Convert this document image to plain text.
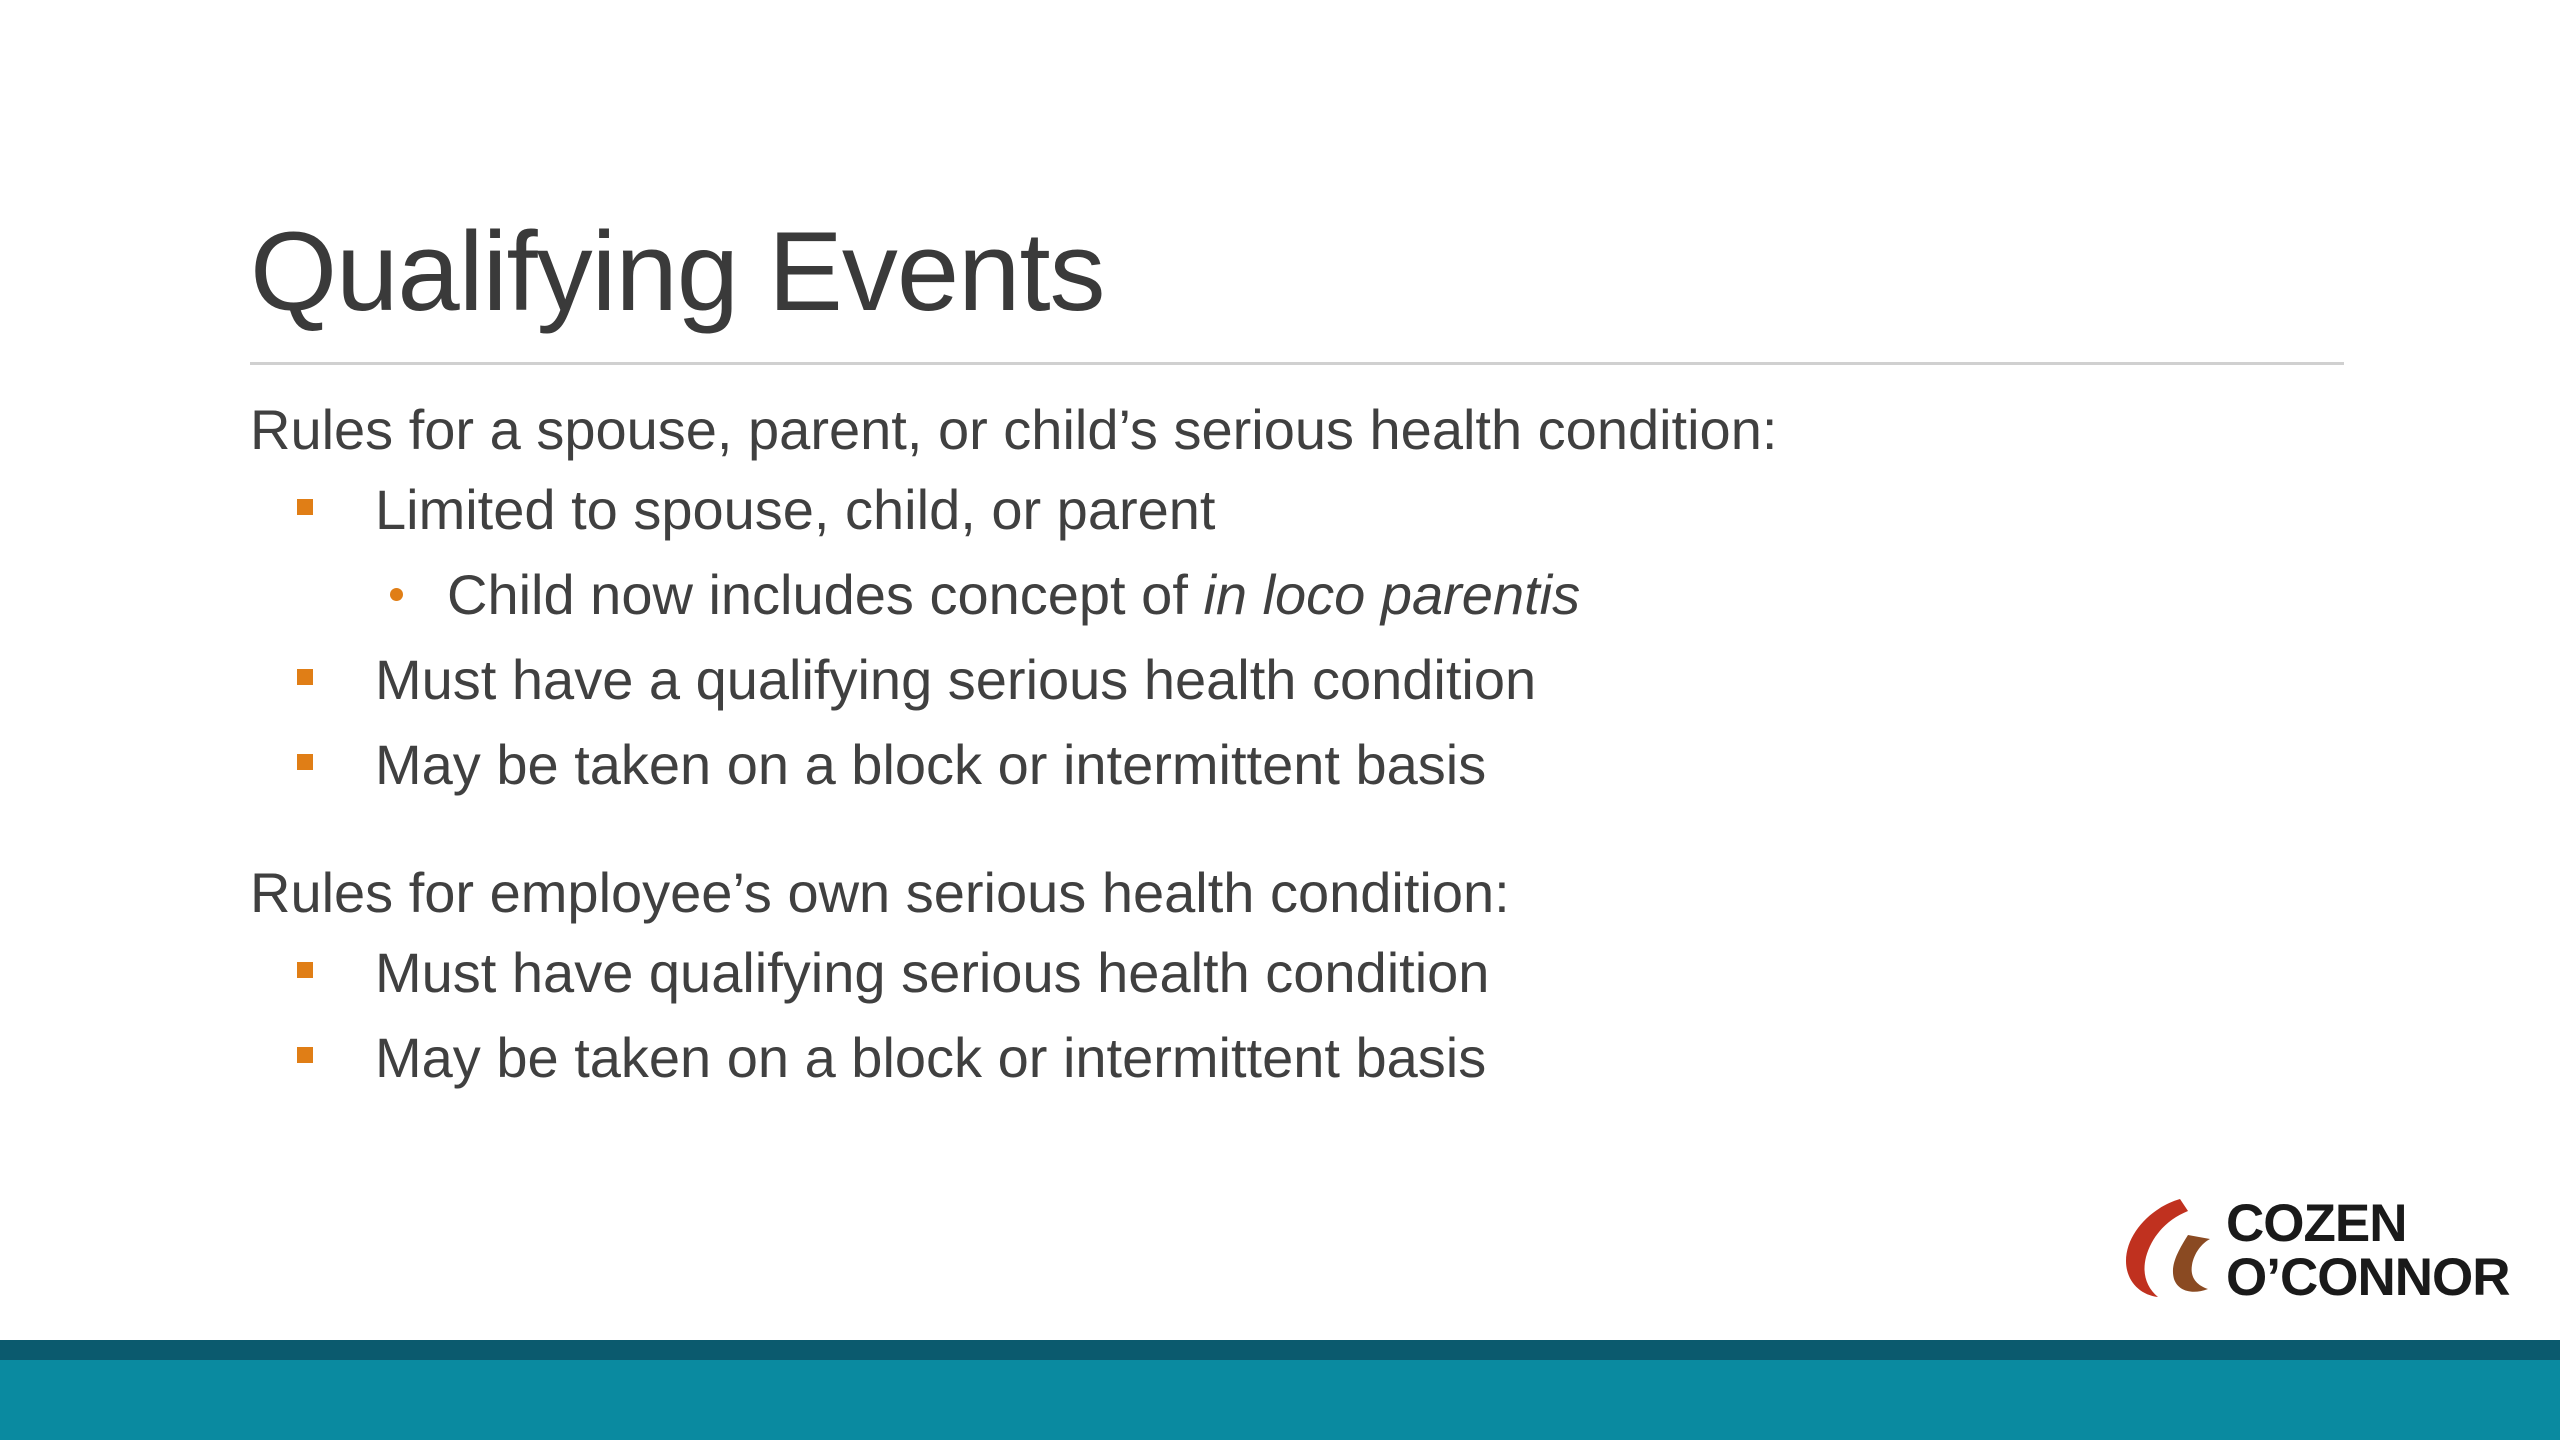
Qualifying Events
Rules for a spouse, parent, or child’s serious health condition:
Limited to spouse, child, or parent
Child now includes concept of in loco parentis
Must have a qualifying serious health condition
May be taken on a block or intermittent basis
Rules for employee’s own serious health condition:
Must have qualifying serious health condition
May be taken on a block or intermittent basis
COZEN
O’CONNOR
